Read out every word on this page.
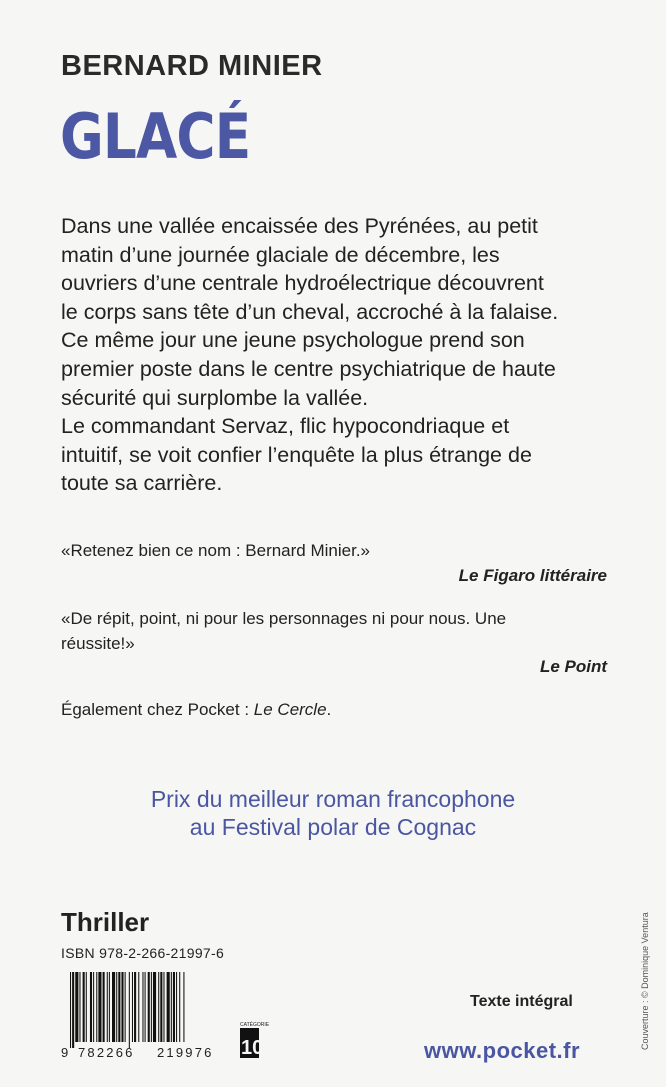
BERNARD MINIER
GLACÉ

Dans une vallée encaissée des Pyrénées, au petit

matin d’une journée glaciale de décembre, les

ouvriers d’une centrale hydroélectrique découvrent

le corps sans tête d’un cheval, accroché à la falaise.

Ce même jour une jeune psychologue prend son

premier poste dans le centre psychiatrique de haute

sécurité qui surplombe la vallée.

Le commandant Servaz, flic hypocondriaque et

intuitif, se voit confier l’enquête la plus étrange de

toute sa carrière.

«Retenez bien ce nom : Bernard Minier.»
Le Figaro littéraire
«De répit, point, ni pour les personnages ni pour nous. Une
réussite!»
Le Point
Également chez Pocket : Le Cercle.
Prix du meilleur roman francophone
au Festival polar de Cognac
Thriller
ISBN 978-2-266-21997-6
9 782266 219976
CATÉGORIE
10
Texte intégral
www.pocket.fr
Couverture : © Dominique Ventura
